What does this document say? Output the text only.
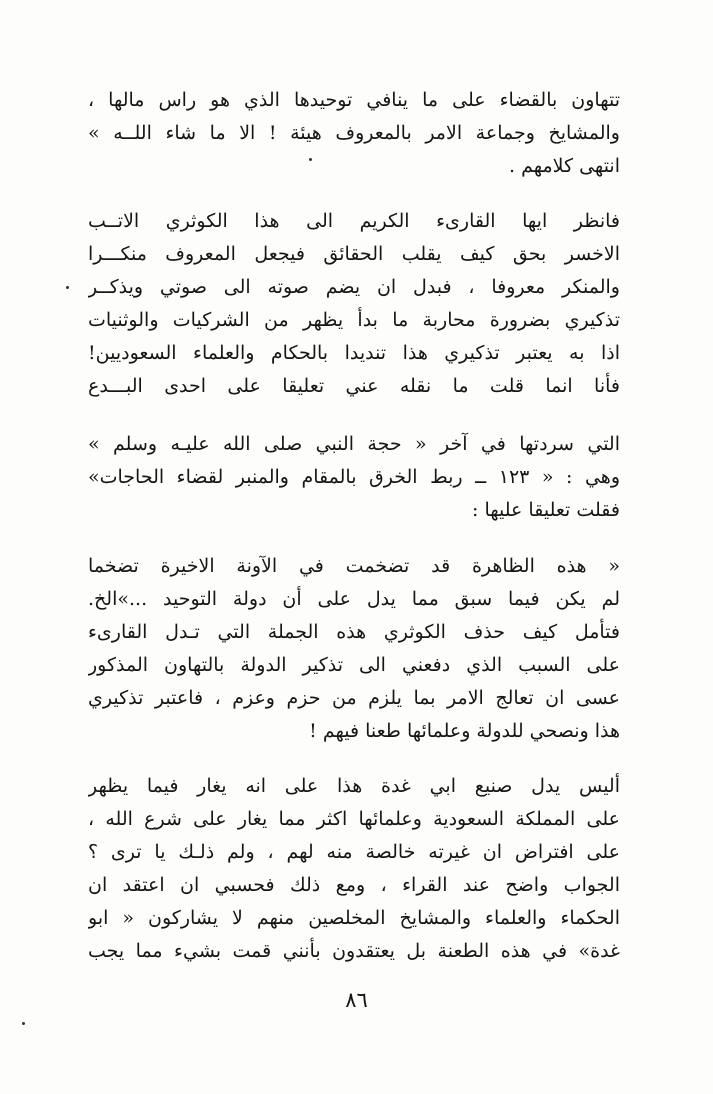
تتهاون بالقضاء على ما ينافي توحيدها الذي هو راس مالها ،
والمشايخ وجماعة الامر بالمعروف هيئة ! الا ما شاء اللــه »
انتهى كلامهم .
فانظر ايها القارىء الكريم الى هذا الكوثري الاتــب
الاخسر بحق كيف يقلب الحقائق فيجعل المعروف منكـــرا
والمنكر معروفا ، فبدل ان يضم صوته الى صوتي ويذكــر
تذكيري بضرورة محاربة ما بدأ يظهر من الشركيات والوثنيات
اذا به يعتبر تذكيري هذا تنديدا بالحكام والعلماء السعوديين!
فأنا انما قلت ما نقله عني تعليقا على احدى البـــدع
التي سردتها في آخر « حجة النبي صلى الله عليـه وسلم »
وهي : « ١٢٣ ــ ربط الخرق بالمقام والمنبر لقضاء الحاجات»
فقلت تعليقا عليها :
« هذه الظاهرة قد تضخمت في الآونة الاخيرة تضخما
لم يكن فيما سبق مما يدل على أن دولة التوحيد ...»الخ.
فتأمل كيف حذف الكوثري هذه الجملة التي تـدل القارىء
على السبب الذي دفعني الى تذكير الدولة بالتهاون المذكور
عسى ان تعالج الامر بما يلزم من حزم وعزم ، فاعتبر تذكيري
هذا ونصحي للدولة وعلمائها طعنا فيهم !
أليس يدل صنيع ابي غدة هذا على انه يغار فيما يظهر
على المملكة السعودية وعلمائها اكثر مما يغار على شرع الله ،
على افتراض ان غيرته خالصة منه لهم ، ولم ذلـك يا ترى ؟
الجواب واضح عند القراء ، ومع ذلك فحسبي ان اعتقد ان
الحكماء والعلماء والمشايخ المخلصين منهم لا يشاركون « ابو
غدة» في هذه الطعنة بل يعتقدون بأنني قمت بشيء مما يجب
٨٦
